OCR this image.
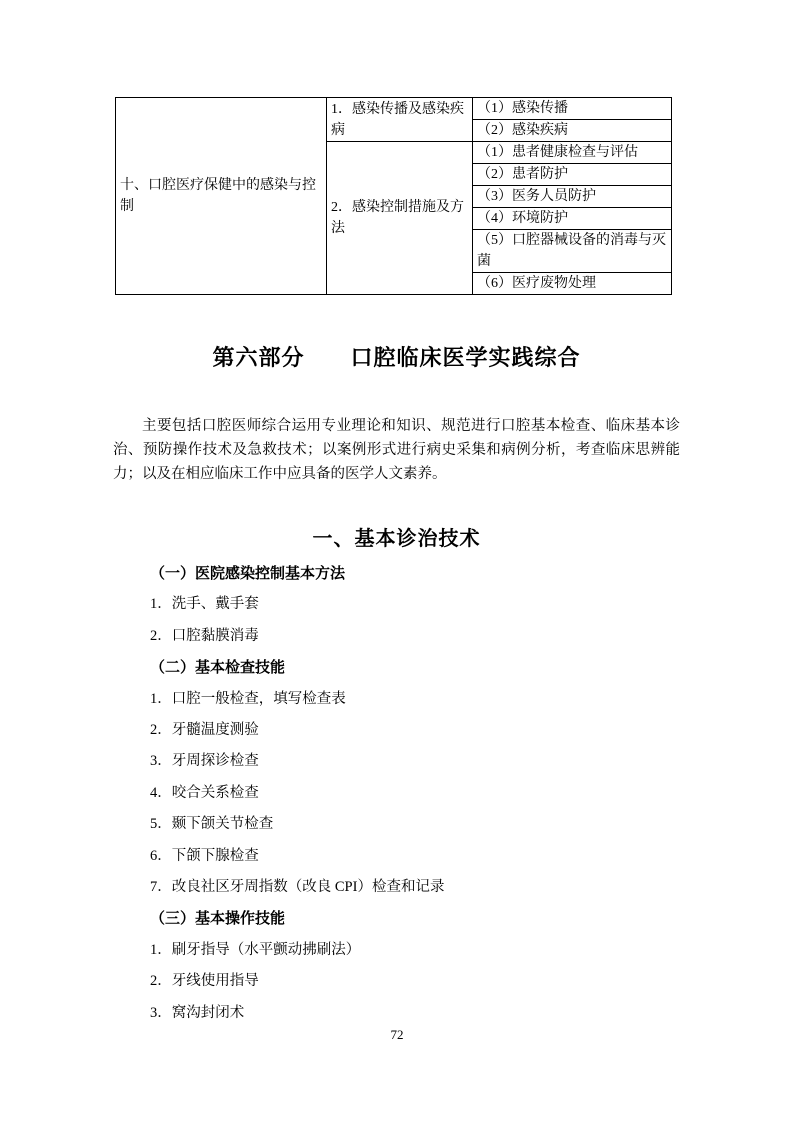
十、口腔医疗保健中的感染与控制	1．感染传播及感染疾病	（1）感染传播
		（2）感染疾病
	2．感染控制措施及方法	（1）患者健康检查与评估
		（2）患者防护
		（3）医务人员防护
		（4）环境防护
		（5）口腔器械设备的消毒与灭菌
		（6）医疗废物处理
第六部分　　口腔临床医学实践综合

主要包括口腔医师综合运用专业理论和知识、规范进行口腔基本检查、临床基本诊治、预防操作技术及急救技术；以案例形式进行病史采集和病例分析，考查临床思辨能力；以及在相应临床工作中应具备的医学人文素养。

一、基本诊治技术
（一）医院感染控制基本方法
1．洗手、戴手套
2．口腔黏膜消毒
（二）基本检查技能
1．口腔一般检查，填写检查表
2．牙髓温度测验
3．牙周探诊检查
4．咬合关系检查
5．颞下颌关节检查
6．下颌下腺检查
7．改良社区牙周指数（改良 CPI）检查和记录
（三）基本操作技能
1．刷牙指导（水平颤动拂刷法）
2．牙线使用指导
3．窝沟封闭术
72
